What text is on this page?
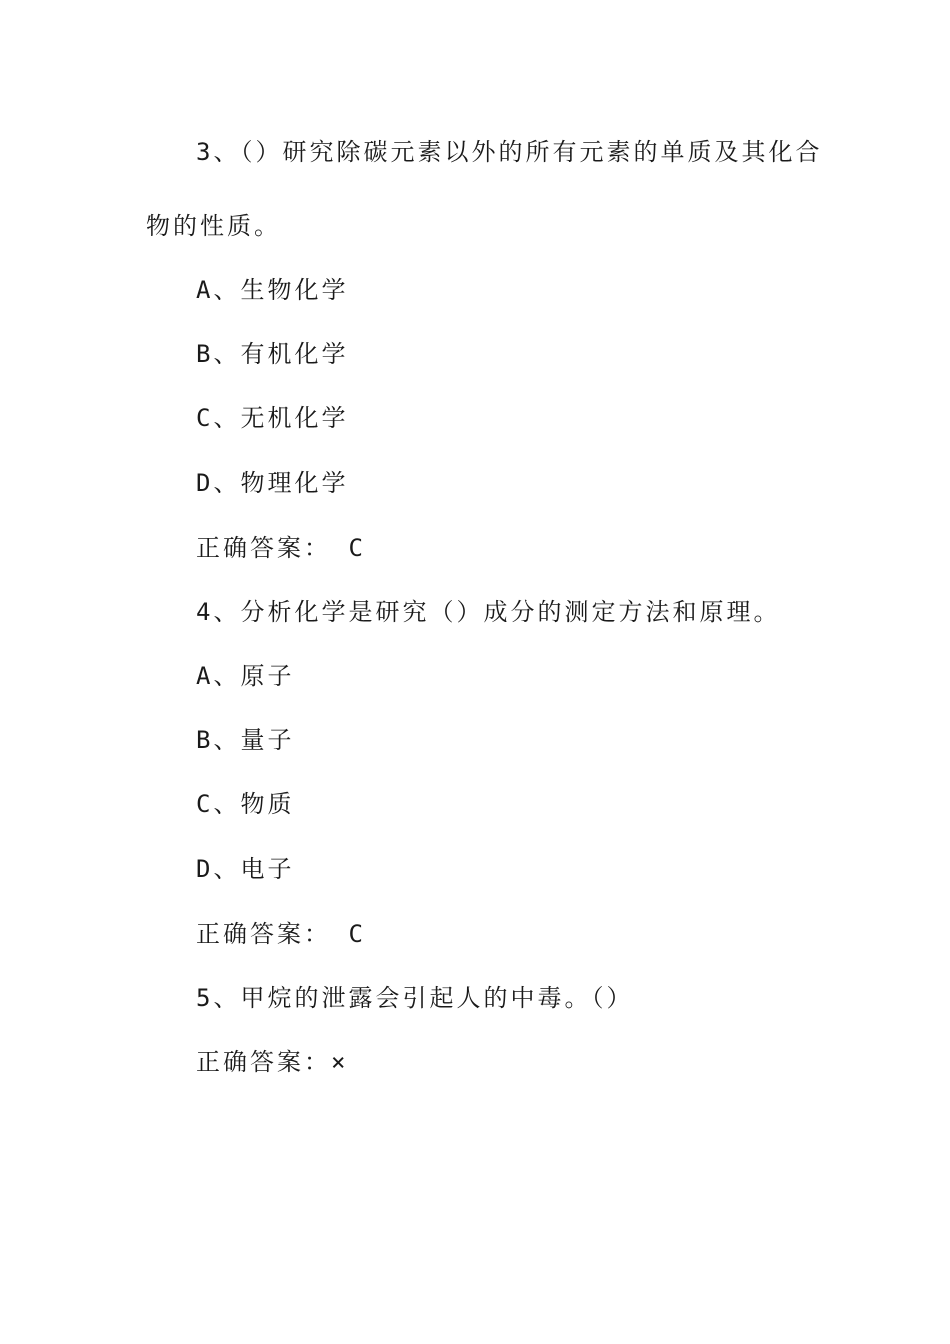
3、（）研究除碳元素以外的所有元素的单质及其化合
物的性质。
A、生物化学
B、有机化学
C、无机化学
D、物理化学
正确答案： C
4、分析化学是研究（）成分的测定方法和原理。
A、原子
B、量子
C、物质
D、电子
正确答案： C
5、甲烷的泄露会引起人的中毒。（）
正确答案：×
